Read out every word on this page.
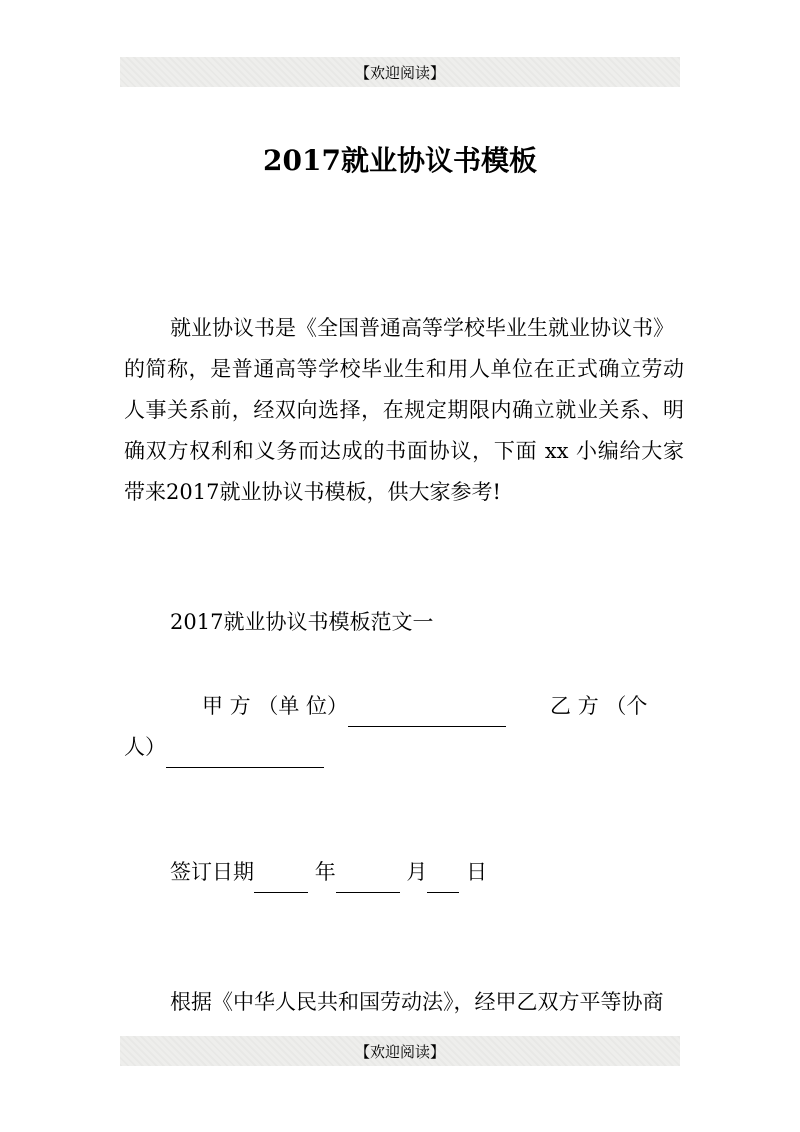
【欢迎阅读】
2017就业协议书模板
就业协议书是《全国普通高等学校毕业生就业协议书》
的简称，是普通高等学校毕业生和用人单位在正式确立劳动
人事关系前，经双向选择，在规定期限内确立就业关系、明
确双方权利和义务而达成的书面协议，下面 xx 小编给大家
带来2017就业协议书模板，供大家参考!
2017就业协议书模板范文一
甲 方 （单 位）	乙 方 （个
人）
签订日期	年	月 日
根据《中华人民共和国劳动法》，经甲乙双方平等协商
【欢迎阅读】
